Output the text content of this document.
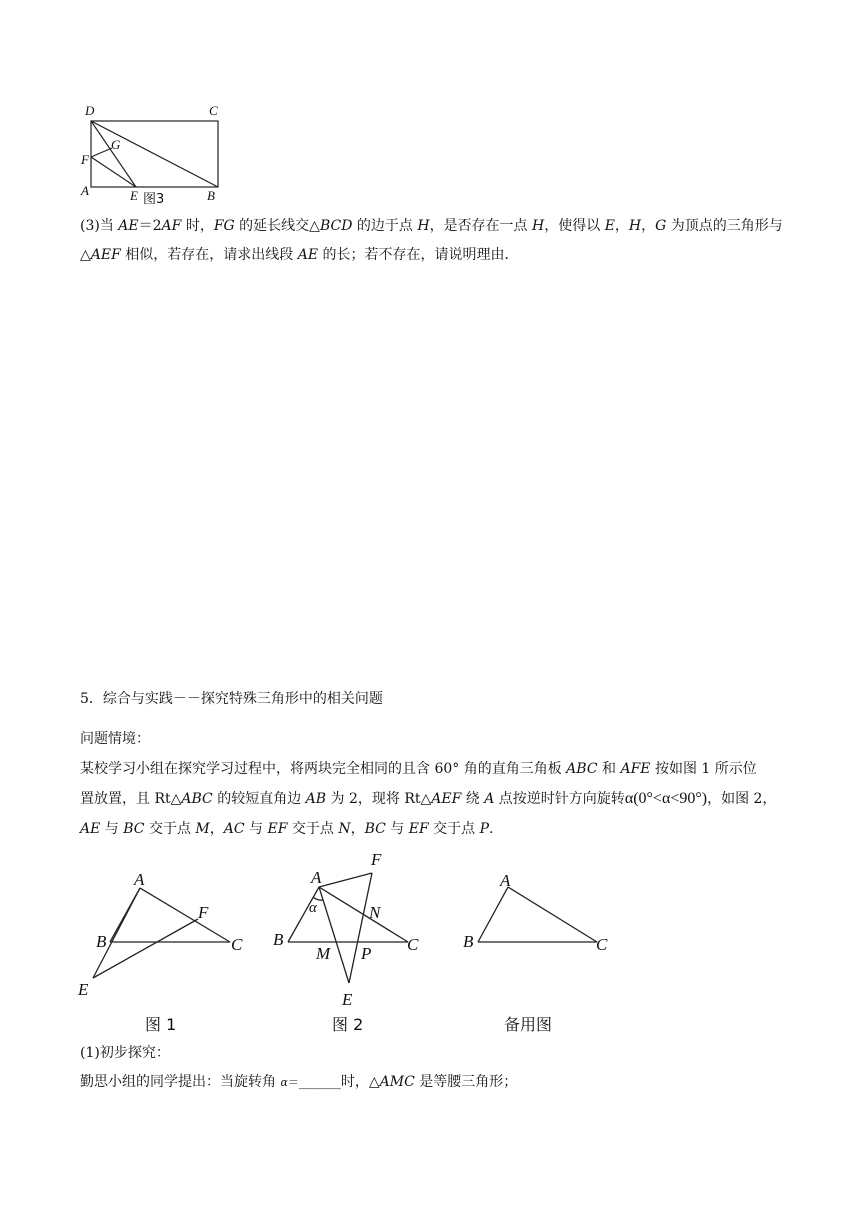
D	C
G
F
A	E 图3	B
(3)当 AE＝2AF 时，FG 的延长线交△BCD 的边于点 H，是否存在一点 H，使得以 E，H，G 为顶点的三角形与
△AEF 相似，若存在，请求出线段 AE 的长；若不存在，请说明理由．
5．综合与实践－－探究特殊三角形中的相关问题
问题情境：
某校学习小组在探究学习过程中，将两块完全相同的且含 60° 角的直角三角板 ABC 和 AFE 按如图 1 所示位
置放置，且 Rt△ABC 的较短直角边 AB 为 2，现将 Rt△AEF 绕 A 点按逆时针方向旋转α(0°<α<90°)，如图 2，
AE 与 BC 交于点 M，AC 与 EF 交于点 N，BC 与 EF 交于点 P.
A
F
B	C
E
图 1
F
A
α	N
B	C
M P
E
图 2
A
B	C
备用图
(1)初步探究：
勤思小组的同学提出：当旋转角 α＝______时，△AMC 是等腰三角形；
